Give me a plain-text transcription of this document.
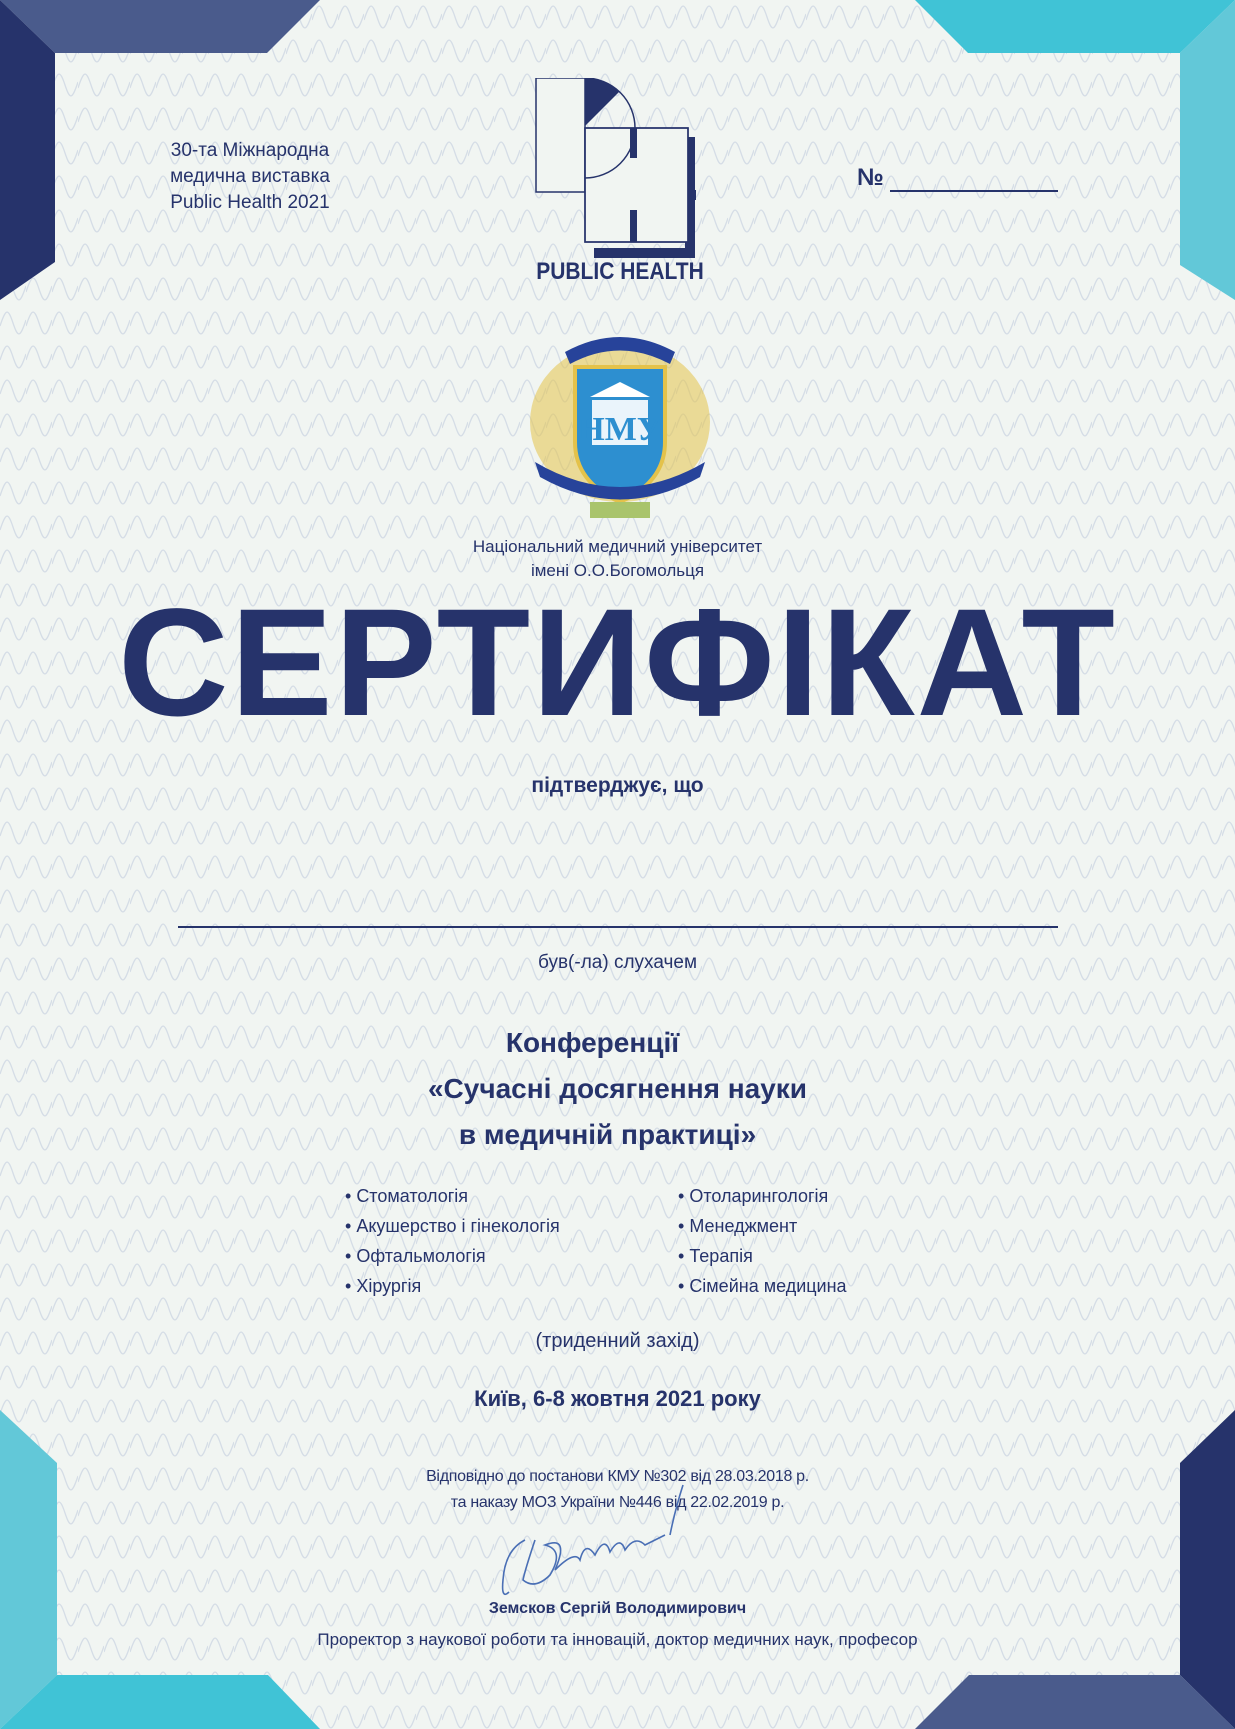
30-та Міжнародна
медична виставка
Public Health 2021
№
PUBLIC HEALTH
НМУ
Національний медичний університет
імені О.О.Богомольця
СЕРТИФІКАТ
підтверджує, що
був(-ла) слухачем
Конференції
«Сучасні досягнення науки
в медичній практиці»
• Стоматологія
• Акушерство і гінекологія
• Офтальмологія
• Хірургія
• Отоларингологія
• Менеджмент
• Терапія
• Сімейна медицина
(триденний захід)
Київ, 6-8 жовтня 2021 року
Відповідно до постанови КМУ №302 від 28.03.2018 р.
та наказу МОЗ України №446 від 22.02.2019 р.
Земсков Сергій Володимирович
Проректор з наукової роботи та інновацій, доктор медичних наук, професор
